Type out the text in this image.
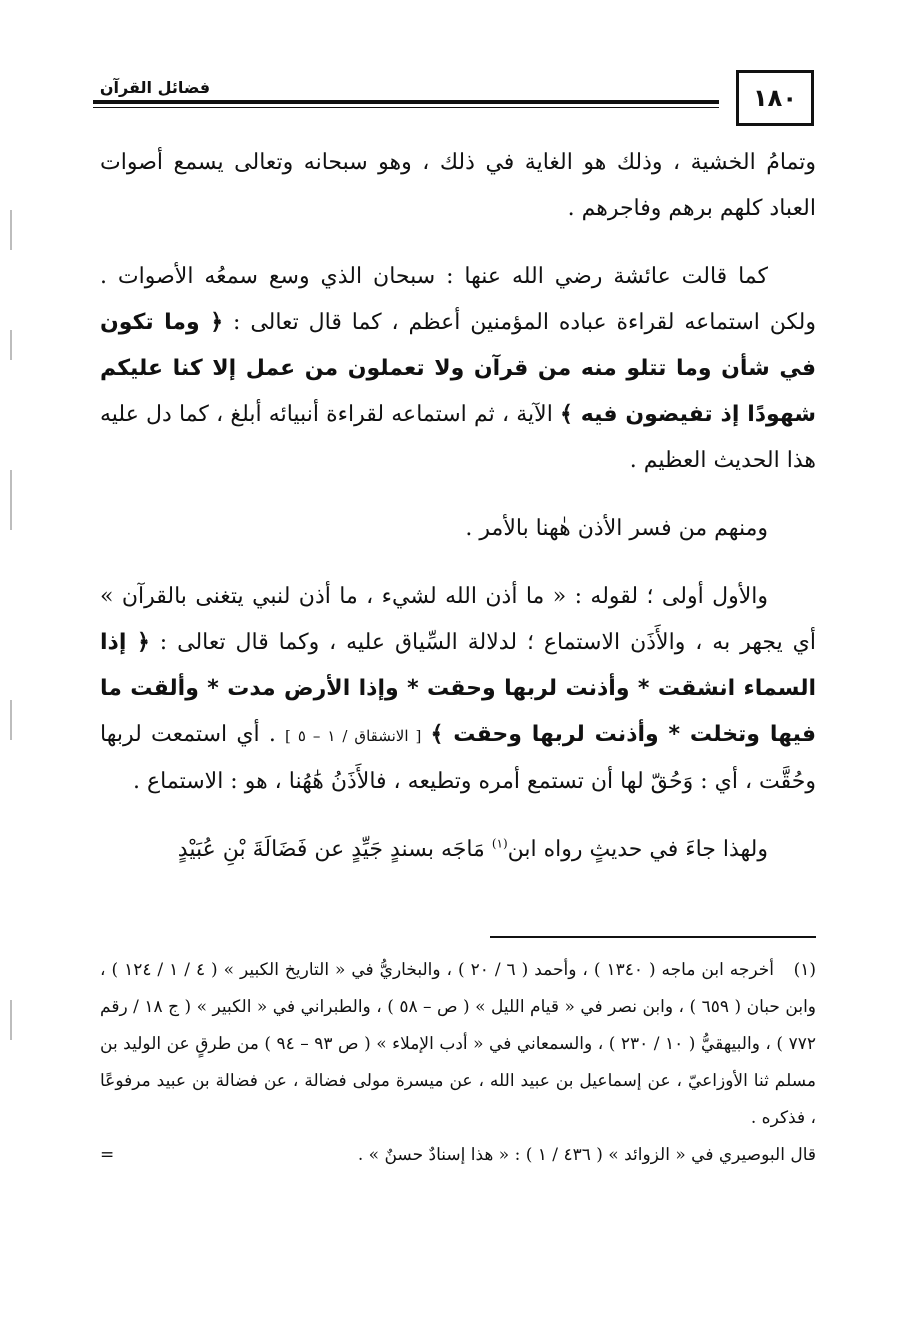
١٨٠
فضائل القرآن

وتمامُ الخشية ، وذلك هو الغاية في ذلك ، وهو سبحانه وتعالى يسمع أصوات العباد كلهم برهم وفاجرهم .

كما قالت عائشة رضي الله عنها : سبحان الذي وسع سمعُه الأصوات . ولكن استماعه لقراءة عباده المؤمنين أعظم ، كما قال تعالى : ﴿ وما تكون في شأن وما تتلو منه من قرآن ولا تعملون من عمل إلا كنا عليكم شهودًا إذ تفيضون فيه ﴾ الآية ، ثم استماعه لقراءة أنبيائه أبلغ ، كما دل عليه هذا الحديث العظيم .

ومنهم من فسر الأذن هٰهنا بالأمر .

والأول أولى ؛ لقوله : « ما أذن الله لشيء ، ما أذن لنبي يتغنى بالقرآن » أي يجهر به ، والأَذَن الاستماع ؛ لدلالة السِّياق عليه ، وكما قال تعالى : ﴿ إذا السماء انشقت * وأذنت لربها وحقت * وإذا الأرض مدت * وألقت ما فيها وتخلت * وأذنت لربها وحقت ﴾ [ الانشقاق / ١ – ٥ ] . أي استمعت لربها وحُقَّت ، أي : وَحُقّ لها أن تستمع أمره وتطيعه ، فالأَذَنُ هَٰهُنا ، هو : الاستماع .

ولهذا جاءَ في حديثٍ رواه ابن$^{(١)}$ مَاجَه بسندٍ جَيِّدٍ عن فَضَالَةَ بْنِ عُبَيْدٍ

(١) أخرجه ابن ماجه ( ١٣٤٠ ) ، وأحمد ( ٦ / ٢٠ ) ، والبخاريُّ في « التاريخ الكبير » ( ٤ / ١ / ١٢٤ ) ، وابن حبان ( ٦٥٩ ) ، وابن نصر في « قيام الليل » ( ص – ٥٨ ) ، والطبراني في « الكبير » ( ج ١٨ / رقم ٧٧٢ ) ، والبيهقيُّ ( ١٠ / ٢٣٠ ) ، والسمعاني في « أدب الإملاء » ( ص ٩٣ – ٩٤ ) من طرقٍ عن الوليد بن مسلم ثنا الأوزاعيّ ، عن إسماعيل بن عبيد الله ، عن ميسرة مولى فضالة ، عن فضالة بن عبيد مرفوعًا ، فذكره .

قال البوصيري في « الزوائد » ( ٤٣٦ / ١ ) : « هذا إسنادٌ حسنٌ » .
=
